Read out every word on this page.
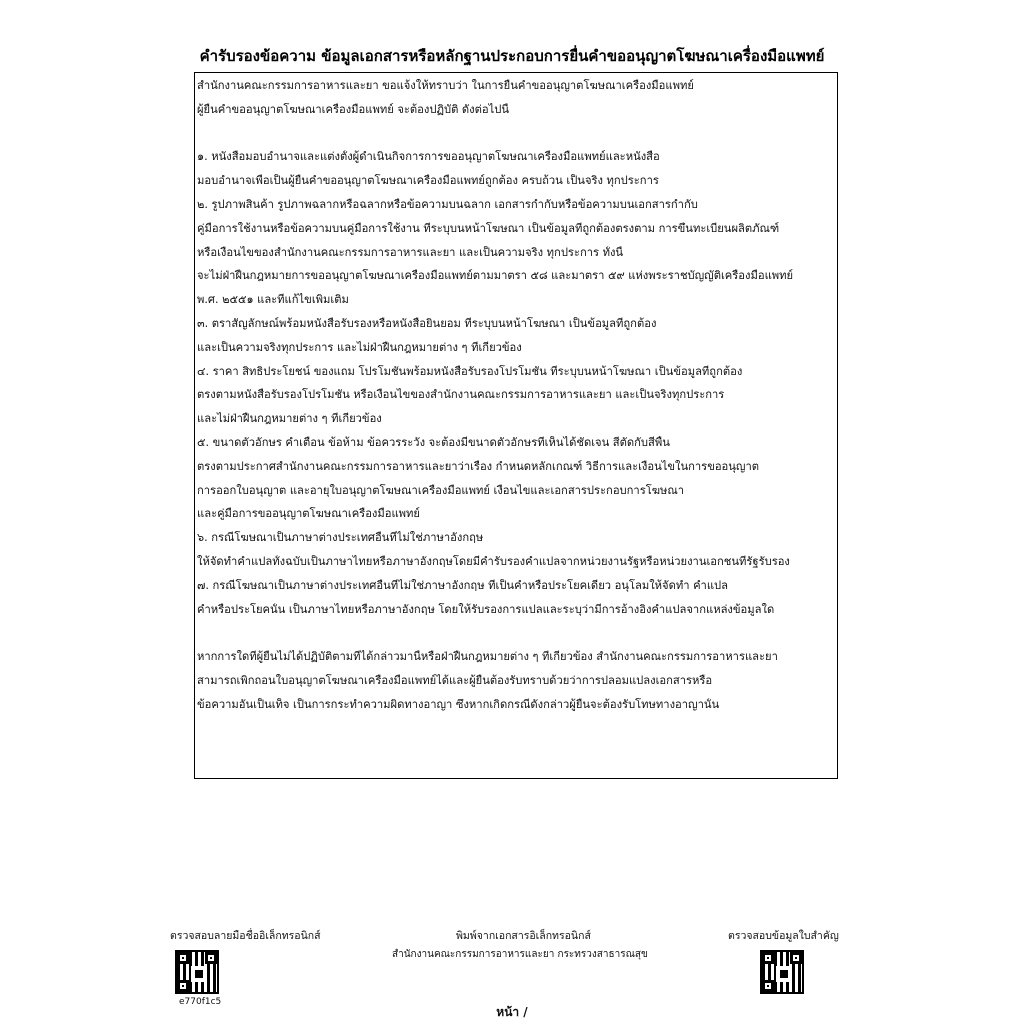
คำรับรองข้อความ ข้อมูลเอกสารหรือหลักฐานประกอบการยื่นคำขออนุญาตโฆษณาเครื่องมือแพทย์
สำนักงานคณะกรรมการอาหารและยา ขอแจ้งให้ทราบว่า ในการยื่นคำขออนุญาตโฆษณาเครื่องมือแพทย์
ผู้ยื่นคำขออนุญาตโฆษณาเครื่องมือแพทย์ จะต้องปฏิบัติ ดังต่อไปนี้
๑. หนังสือมอบอำนาจและแต่งตั้งผู้ดำเนินกิจการการขออนุญาตโฆษณาเครื่องมือแพทย์และหนังสือ
มอบอำนาจเพื่อเป็นผู้ยื่นคำขออนุญาตโฆษณาเครื่องมือแพทย์ถูกต้อง ครบถ้วน เป็นจริง ทุกประการ
๒. รูปภาพสินค้า รูปภาพฉลากหรือฉลากหรือข้อความบนฉลาก เอกสารกำกับหรือข้อความบนเอกสารกำกับ
คู่มือการใช้งานหรือข้อความบนคู่มือการใช้งาน ที่ระบุบนหน้าโฆษณา เป็นข้อมูลที่ถูกต้องตรงตาม การขึ้นทะเบียนผลิตภัณฑ์
หรือเงื่อนไขของสำนักงานคณะกรรมการอาหารและยา และเป็นความจริง ทุกประการ ทั้งนี้
จะไม่ฝ่าฝืนกฎหมายการขออนุญาตโฆษณาเครื่องมือแพทย์ตามมาตรา ๕๘ และมาตรา ๕๙ แห่งพระราชบัญญัติเครื่องมือแพทย์
พ.ศ. ๒๕๕๑ และที่แก้ไขเพิ่มเติม
๓. ตราสัญลักษณ์พร้อมหนังสือรับรองหรือหนังสือยินยอม ที่ระบุบนหน้าโฆษณา เป็นข้อมูลที่ถูกต้อง
และเป็นความจริงทุกประการ และไม่ฝ่าฝืนกฎหมายต่าง ๆ ที่เกี่ยวข้อง
๔. ราคา สิทธิประโยชน์ ของแถม โปรโมชั่นพร้อมหนังสือรับรองโปรโมชั่น ที่ระบุบนหน้าโฆษณา เป็นข้อมูลที่ถูกต้อง
ตรงตามหนังสือรับรองโปรโมชั่น หรือเงื่อนไขของสำนักงานคณะกรรมการอาหารและยา และเป็นจริงทุกประการ
และไม่ฝ่าฝืนกฎหมายต่าง ๆ ที่เกี่ยวข้อง
๕. ขนาดตัวอักษร คำเตือน ข้อห้าม ข้อควรระวัง จะต้องมีขนาดตัวอักษรที่เห็นได้ชัดเจน สีตัดกับสีพื้น
ตรงตามประกาศสำนักงานคณะกรรมการอาหารและยาว่าเรื่อง กำหนดหลักเกณฑ์ วิธีการและเงื่อนไขในการขออนุญาต
การออกใบอนุญาต และอายุใบอนุญาตโฆษณาเครื่องมือแพทย์ เงื่อนไขและเอกสารประกอบการโฆษณา
และคู่มือการขออนุญาตโฆษณาเครื่องมือแพทย์
๖. กรณีโฆษณาเป็นภาษาต่างประเทศอื่นที่ไม่ใช่ภาษาอังกฤษ
ให้จัดทำคำแปลทั้งฉบับเป็นภาษาไทยหรือภาษาอังกฤษโดยมีคำรับรองคำแปลจากหน่วยงานรัฐหรือหน่วยงานเอกชนที่รัฐรับรอง
๗. กรณีโฆษณาเป็นภาษาต่างประเทศอื่นที่ไม่ใช่ภาษาอังกฤษ ที่เป็นคำหรือประโยคเดียว อนุโลมให้จัดทำ คำแปล
คำหรือประโยคนั้น เป็นภาษาไทยหรือภาษาอังกฤษ โดยให้รับรองการแปลและระบุว่ามีการอ้างอิงคำแปลจากแหล่งข้อมูลใด
หากการใดที่ผู้ยื่นไม่ได้ปฏิบัติตามที่ได้กล่าวมานี้หรือฝ่าฝืนกฎหมายต่าง ๆ ที่เกี่ยวข้อง สำนักงานคณะกรรมการอาหารและยา
สามารถเพิกถอนใบอนุญาตโฆษณาเครื่องมือแพทย์ได้และผู้ยื่นต้องรับทราบด้วยว่าการปลอมแปลงเอกสารหรือ
ข้อความอันเป็นเท็จ เป็นการกระทำความผิดทางอาญา ซึ่งหากเกิดกรณีดังกล่าวผู้ยื่นจะต้องรับโทษทางอาญานั้น
ตรวจสอบลายมือชื่ออิเล็กทรอนิกส์
e770f1c5
พิมพ์จากเอกสารอิเล็กทรอนิกส์
สำนักงานคณะกรรมการอาหารและยา กระทรวงสาธารณสุข
ตรวจสอบข้อมูลใบสำคัญ
หน้า /
